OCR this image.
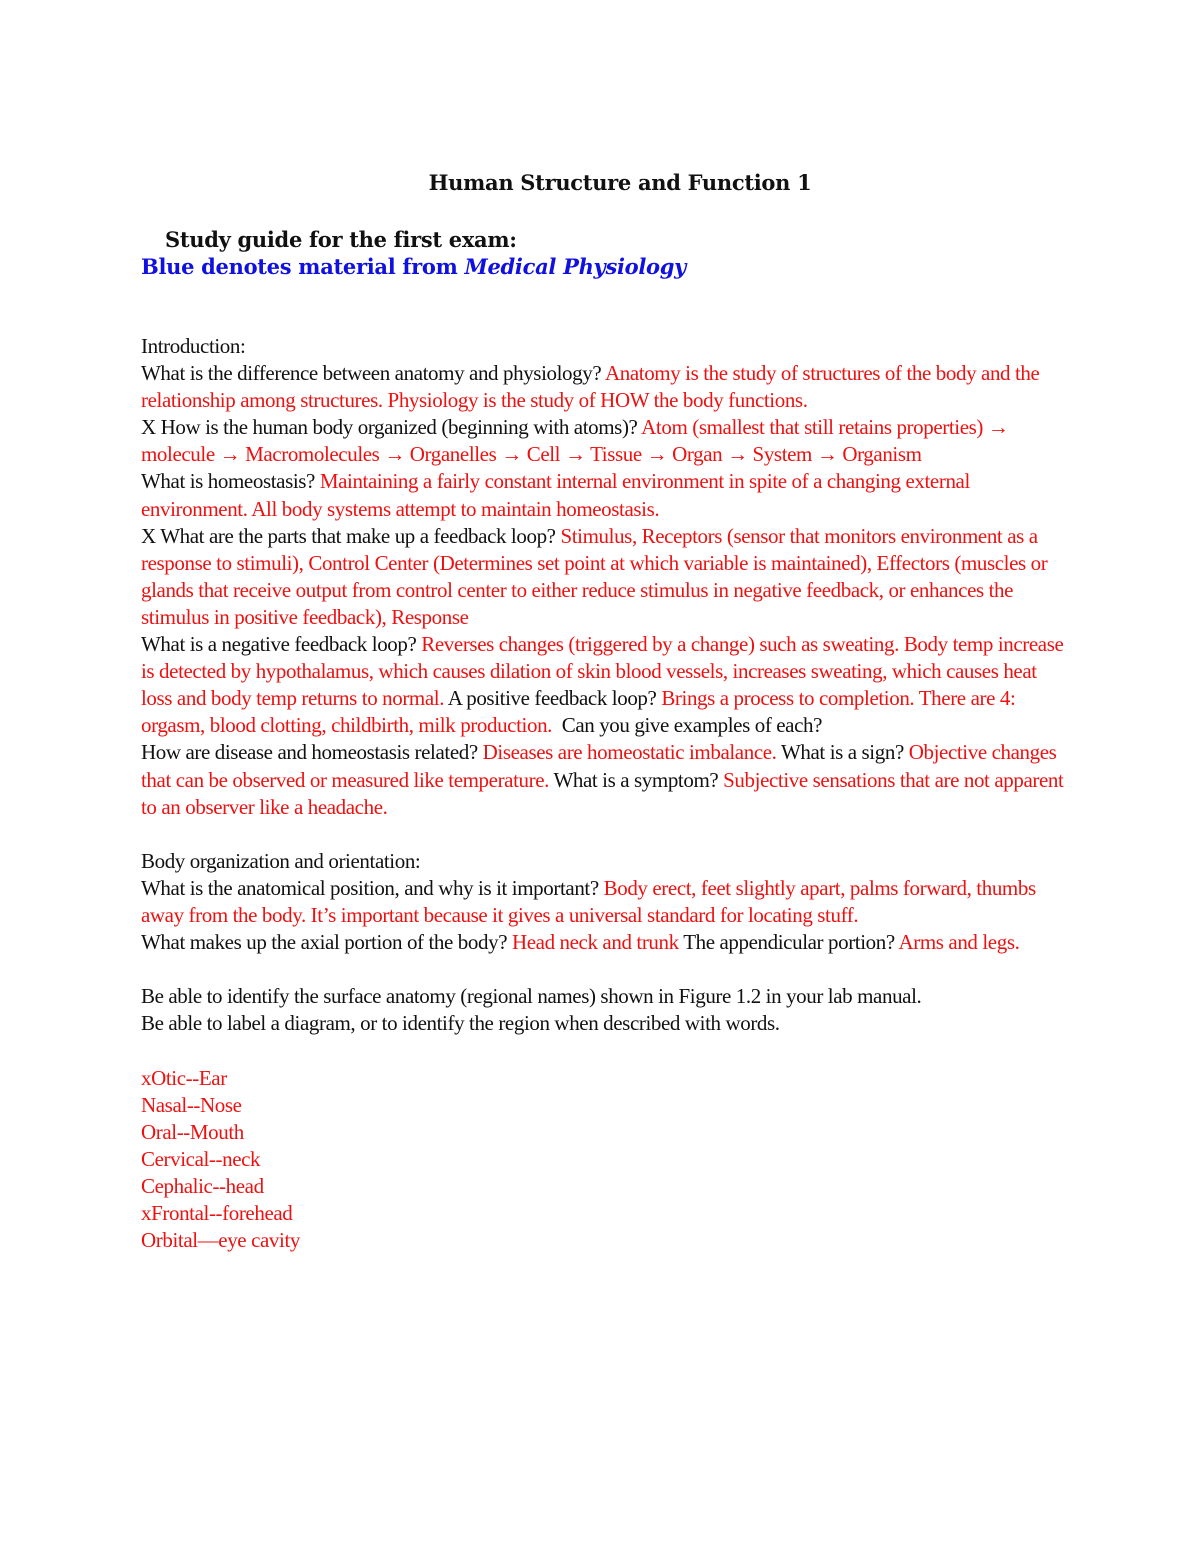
Human Structure and Function 1
Study guide for the first exam:
Blue denotes material from Medical Physiology

Introduction:

What is the difference between anatomy and physiology? Anatomy is the study of structures of the body and the relationship among structures. Physiology is the study of HOW the body functions.

X How is the human body organized (beginning with atoms)? Atom (smallest that still retains properties) → molecule → Macromolecules → Organelles → Cell → Tissue → Organ → System → Organism

What is homeostasis? Maintaining a fairly constant internal environment in spite of a changing external environment. All body systems attempt to maintain homeostasis.

X What are the parts that make up a feedback loop? Stimulus, Receptors (sensor that monitors environment as a response to stimuli), Control Center (Determines set point at which variable is maintained), Effectors (muscles or glands that receive output from control center to either reduce stimulus in negative feedback, or enhances the stimulus in positive feedback), Response

What is a negative feedback loop? Reverses changes (triggered by a change) such as sweating. Body temp increase is detected by hypothalamus, which causes dilation of skin blood vessels, increases sweating, which causes heat loss and body temp returns to normal. A positive feedback loop? Brings a process to completion. There are 4: orgasm, blood clotting, childbirth, milk production.  Can you give examples of each?

How are disease and homeostasis related? Diseases are homeostatic imbalance. What is a sign? Objective changes that can be observed or measured like temperature. What is a symptom? Subjective sensations that are not apparent to an observer like a headache.

Body organization and orientation:

What is the anatomical position, and why is it important? Body erect, feet slightly apart, palms forward, thumbs away from the body. It’s important because it gives a universal standard for locating stuff.

What makes up the axial portion of the body? Head neck and trunk The appendicular portion? Arms and legs.

Be able to identify the surface anatomy (regional names) shown in Figure 1.2 in your lab manual.

Be able to label a diagram, or to identify the region when described with words.

xOtic--Ear

Nasal--Nose

Oral--Mouth

Cervical--neck

Cephalic--head

xFrontal--forehead

Orbital—eye cavity
